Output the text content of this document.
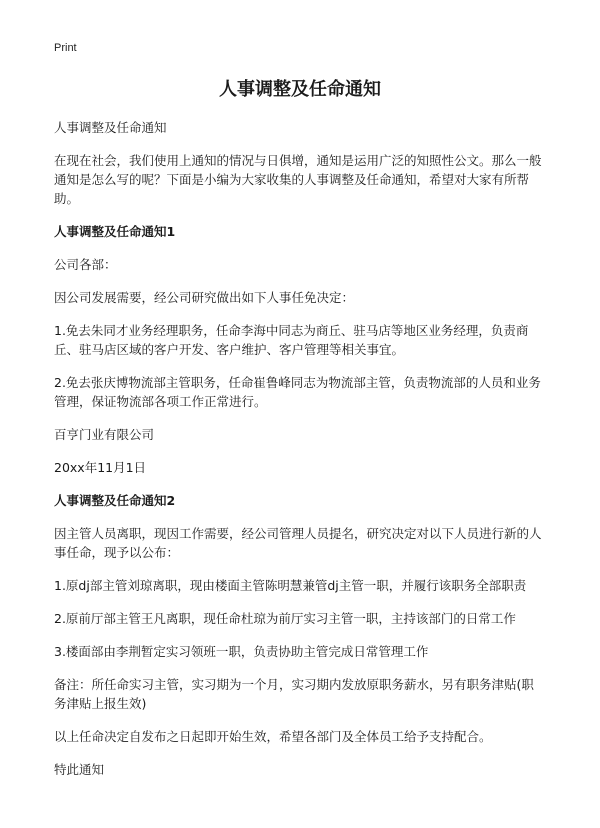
Print
人事调整及任命通知

人事调整及任命通知

在现在社会，我们使用上通知的情况与日俱增，通知是运用广泛的知照性公文。那么一般通知是怎么写的呢？下面是小编为大家收集的人事调整及任命通知，希望对大家有所帮助。

人事调整及任命通知1

公司各部：

因公司发展需要，经公司研究做出如下人事任免决定：

1.免去朱同才业务经理职务，任命李海中同志为商丘、驻马店等地区业务经理，负责商丘、驻马店区域的客户开发、客户维护、客户管理等相关事宜。

2.免去张庆博物流部主管职务，任命崔鲁峰同志为物流部主管，负责物流部的人员和业务管理，保证物流部各项工作正常进行。

百亨门业有限公司

20xx年11月1日

人事调整及任命通知2

因主管人员离职，现因工作需要，经公司管理人员提名，研究决定对以下人员进行新的人事任命，现予以公布：

1.原dj部主管刘琼离职，现由楼面主管陈明慧兼管dj主管一职，并履行该职务全部职责

2.原前厅部主管王凡离职，现任命杜琼为前厅实习主管一职，主持该部门的日常工作

3.楼面部由李荆暂定实习领班一职，负责协助主管完成日常管理工作

备注：所任命实习主管，实习期为一个月，实习期内发放原职务薪水，另有职务津贴(职务津贴上报生效)

以上任命决定自发布之日起即开始生效，希望各部门及全体员工给予支持配合。

特此通知
